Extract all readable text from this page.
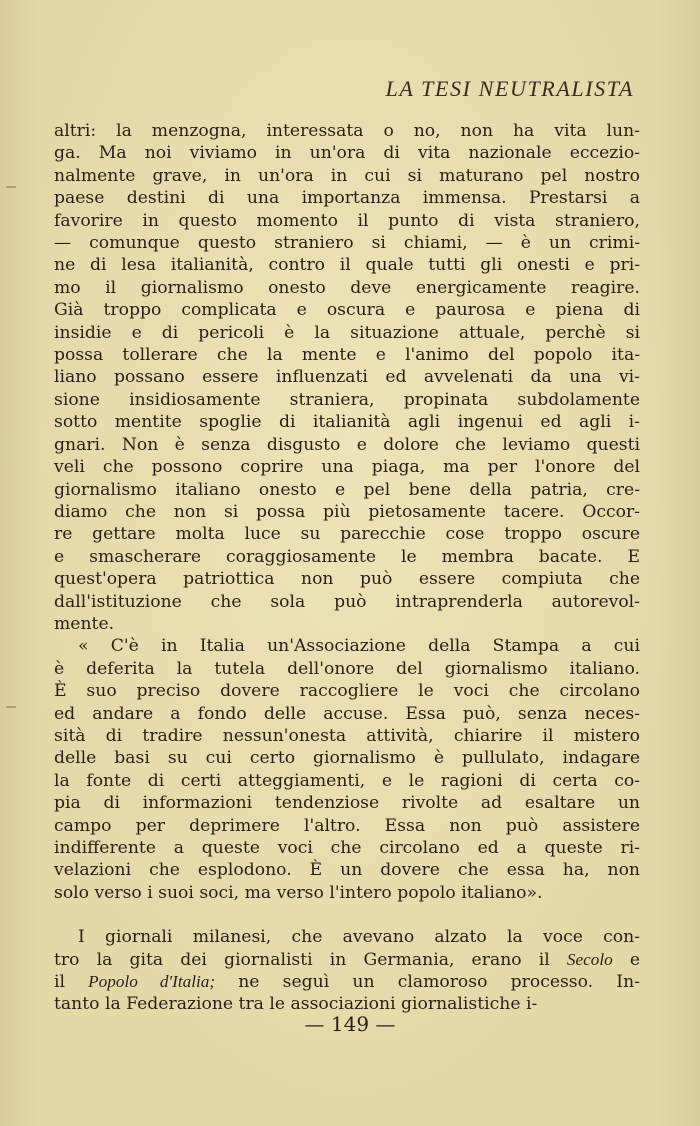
LA TESI NEUTRALISTA
altri: la menzogna, interessata o no, non ha vita lun-
ga. Ma noi viviamo in un'ora di vita nazionale eccezio-
nalmente grave, in un'ora in cui si maturano pel nostro
paese destini di una importanza immensa. Prestarsi a
favorire in questo momento il punto di vista straniero,
— comunque questo straniero si chiami, — è un crimi-
ne di lesa italianità, contro il quale tutti gli onesti e pri-
mo il giornalismo onesto deve energicamente reagire.
Già troppo complicata e oscura e paurosa e piena di
insidie e di pericoli è la situazione attuale, perchè si
possa tollerare che la mente e l'animo del popolo ita-
liano possano essere influenzati ed avvelenati da una vi-
sione insidiosamente straniera, propinata subdolamente
sotto mentite spoglie di italianità agli ingenui ed agli i-
gnari. Non è senza disgusto e dolore che leviamo questi
veli che possono coprire una piaga, ma per l'onore del
giornalismo italiano onesto e pel bene della patria, cre-
diamo che non si possa più pietosamente tacere. Occor-
re gettare molta luce su parecchie cose troppo oscure
e smascherare coraggiosamente le membra bacate. E
quest'opera patriottica non può essere compiuta che
dall'istituzione che sola può intraprenderla autorevol-
mente.
« C'è in Italia un'Associazione della Stampa a cui
è deferita la tutela dell'onore del giornalismo italiano.
È suo preciso dovere raccogliere le voci che circolano
ed andare a fondo delle accuse. Essa può, senza neces-
sità di tradire nessun'onesta attività, chiarire il mistero
delle basi su cui certo giornalismo è pullulato, indagare
la fonte di certi atteggiamenti, e le ragioni di certa co-
pia di informazioni tendenziose rivolte ad esaltare un
campo per deprimere l'altro. Essa non può assistere
indifferente a queste voci che circolano ed a queste ri-
velazioni che esplodono. È un dovere che essa ha, non
solo verso i suoi soci, ma verso l'intero popolo italiano».
I giornali milanesi, che avevano alzato la voce con-
tro la gita dei giornalisti in Germania, erano il Secolo e
il Popolo d'Italia; ne seguì un clamoroso processo. In-
tanto la Federazione tra le associazioni giornalistiche i-
— 149 —
